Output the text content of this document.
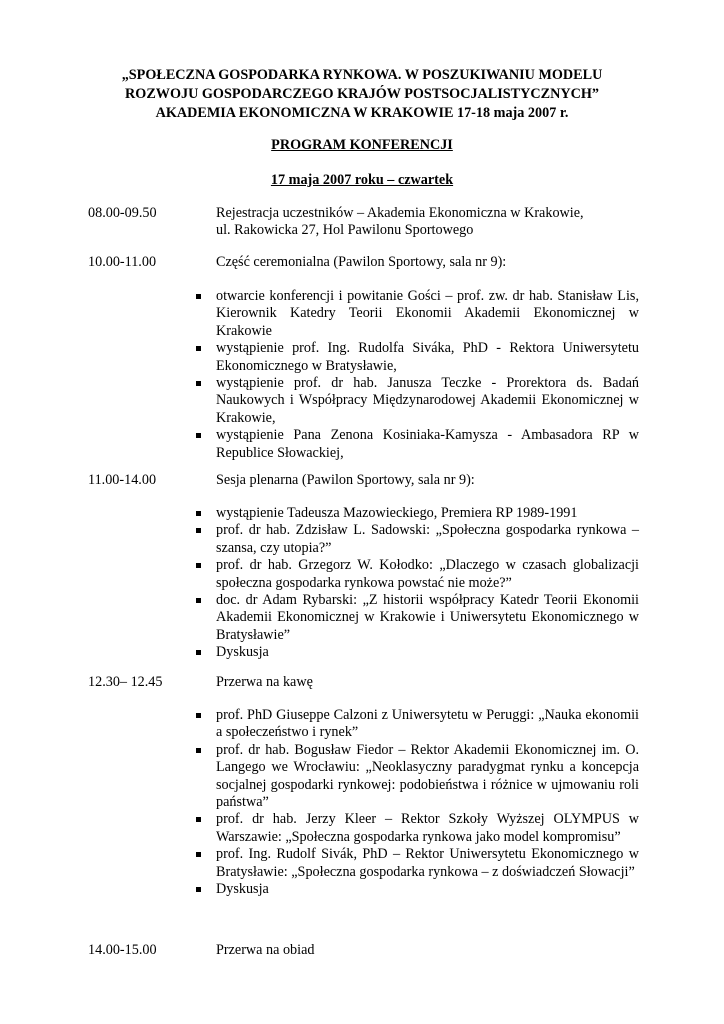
„SPOŁECZNA GOSPODARKA RYNKOWA. W POSZUKIWANIU MODELU
ROZWOJU GOSPODARCZEGO KRAJÓW POSTSOCJALISTYCZNYCH”
AKADEMIA EKONOMICZNA W KRAKOWIE 17-18 maja 2007 r.
PROGRAM KONFERENCJI
17 maja 2007 roku – czwartek
08.00-09.50	Rejestracja uczestników – Akademia Ekonomiczna w Krakowie,
ul. Rakowicka 27, Hol Pawilonu Sportowego
10.00-11.00	Część ceremonialna (Pawilon Sportowy, sala nr 9):
otwarcie konferencji i powitanie Gości – prof. zw. dr hab. Stanisław Lis, Kierownik Katedry Teorii Ekonomii Akademii Ekonomicznej w Krakowie
wystąpienie prof. Ing. Rudolfa Siváka, PhD - Rektora Uniwersytetu Ekonomicznego w Bratysławie,
wystąpienie prof. dr hab. Janusza Teczke - Prorektora ds. Badań Naukowych i Współpracy Międzynarodowej Akademii Ekonomicznej w Krakowie,
wystąpienie Pana Zenona Kosiniaka-Kamysza - Ambasadora RP w Republice Słowackiej,
11.00-14.00	Sesja plenarna (Pawilon Sportowy, sala nr 9):
wystąpienie Tadeusza Mazowieckiego, Premiera RP 1989-1991
prof. dr hab. Zdzisław L. Sadowski: „Społeczna gospodarka rynkowa – szansa, czy utopia?”
prof. dr hab. Grzegorz W. Kołodko: „Dlaczego w czasach globalizacji społeczna gospodarka rynkowa powstać nie może?”
doc. dr Adam Rybarski: „Z historii współpracy Katedr Teorii Ekonomii Akademii Ekonomicznej w Krakowie i Uniwersytetu Ekonomicznego w Bratysławie”
Dyskusja
12.30– 12.45	Przerwa na kawę
prof. PhD Giuseppe Calzoni z Uniwersytetu w Peruggi: „Nauka ekonomii a społeczeństwo i rynek”
prof. dr hab. Bogusław Fiedor – Rektor Akademii Ekonomicznej im. O. Langego we Wrocławiu: „Neoklasyczny paradygmat rynku a koncepcja socjalnej gospodarki rynkowej: podobieństwa i różnice w ujmowaniu roli państwa”
prof. dr hab. Jerzy Kleer – Rektor Szkoły Wyższej OLYMPUS w Warszawie: „Społeczna gospodarka rynkowa jako model kompromisu”
prof. Ing. Rudolf Sivák, PhD – Rektor Uniwersytetu Ekonomicznego w Bratysławie: „Społeczna gospodarka rynkowa – z doświadczeń Słowacji”
Dyskusja
14.00-15.00	Przerwa na obiad
